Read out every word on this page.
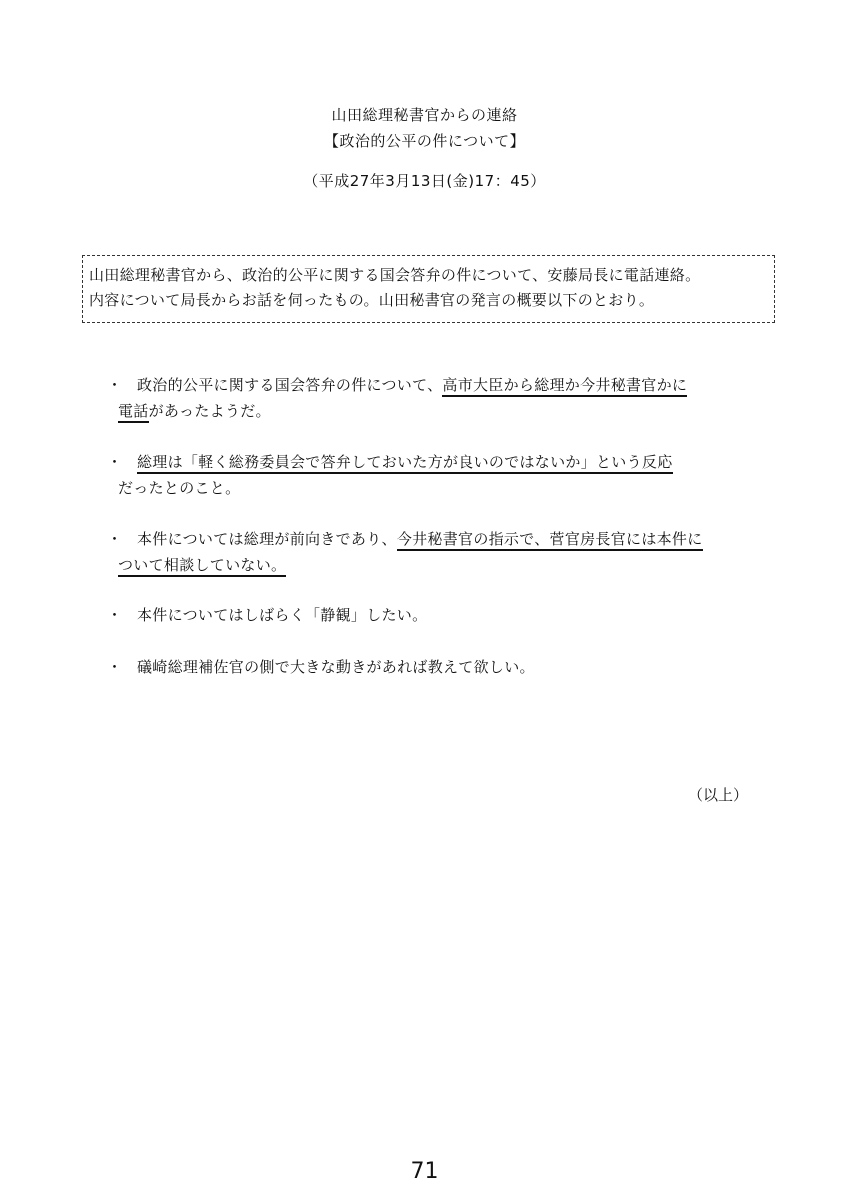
山田総理秘書官からの連絡
【政治的公平の件について】
（平成27年3月13日(金)17：45）
山田総理秘書官から、政治的公平に関する国会答弁の件について、安藤局長に電話連絡。
内容について局長からお話を伺ったもの。山田秘書官の発言の概要以下のとおり。
・ 政治的公平に関する国会答弁の件について、高市大臣から総理か今井秘書官かに
電話があったようだ。
・ 総理は「軽く総務委員会で答弁しておいた方が良いのではないか」という反応
だったとのこと。
・ 本件については総理が前向きであり、今井秘書官の指示で、菅官房長官には本件に
ついて相談していない。
・ 本件についてはしばらく「静観」したい。
・ 礒崎総理補佐官の側で大きな動きがあれば教えて欲しい。
（以上）
71
